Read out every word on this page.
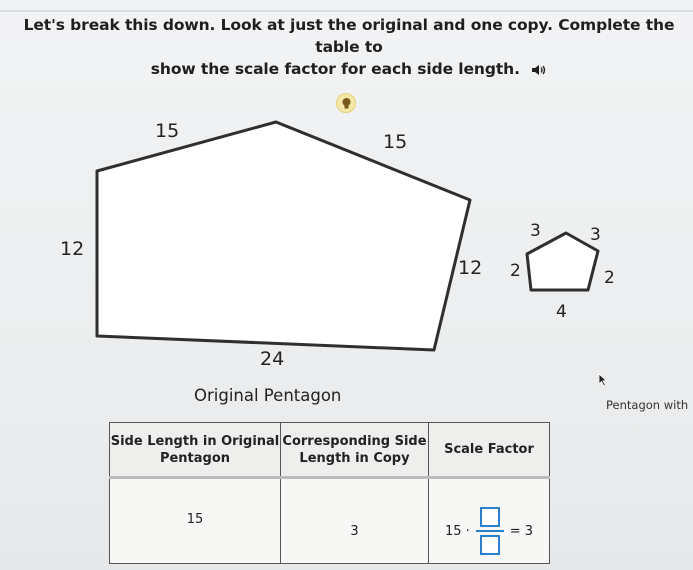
Let's break this down. Look at just the original and one copy. Complete the table to
show the scale factor for each side length.
15	15
12
12
24
3	3
2	2
4
Original Pentagon	Pentagon with
Side Length in Original Pentagon	Corresponding Side Length in Copy	Scale Factor
15	3	15 · = 3
